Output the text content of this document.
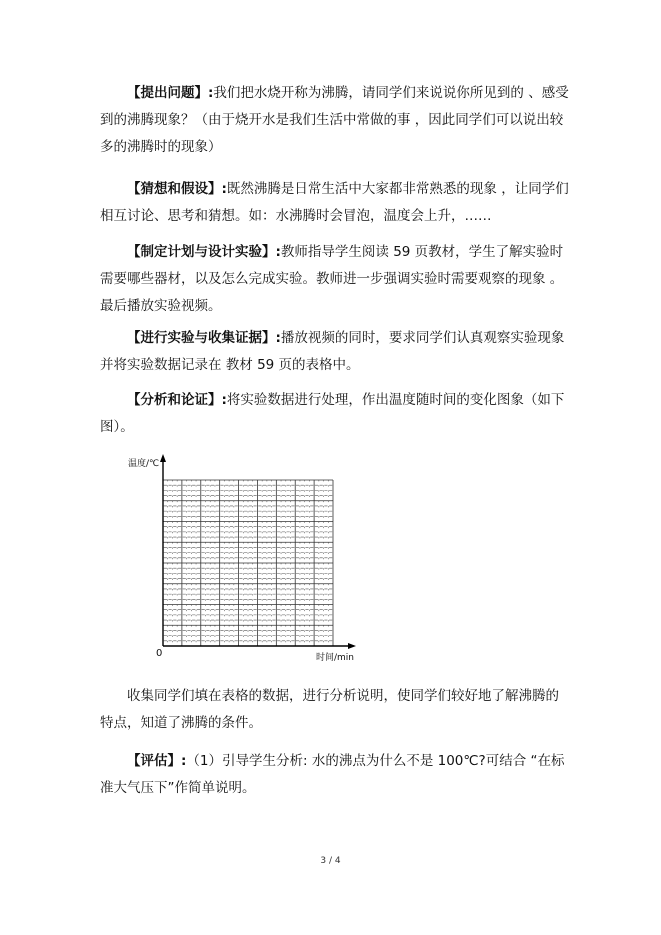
【提出问题】:我们把水烧开称为沸腾，请同学们来说说你所见到的 、感受到的沸腾现象？（由于烧开水是我们生活中常做的事 ，因此同学们可以说出较多的沸腾时的现象）

【猜想和假设】:既然沸腾是日常生活中大家都非常熟悉的现象 ，让同学们相互讨论、思考和猜想。如：水沸腾时会冒泡，温度会上升，……

【制定计划与设计实验】:教师指导学生阅读 59 页教材，学生了解实验时需要哪些器材，以及怎么完成实验。教师进一步强调实验时需要观察的现象 。最后播放实验视频。

【进行实验与收集证据】:播放视频的同时，要求同学们认真观察实验现象并将实验数据记录在 教材 59 页的表格中。

【分析和论证】:将实验数据进行处理，作出温度随时间的变化图象（如下图）。

温度/℃
时间/min
0

收集同学们填在表格的数据，进行分析说明，使同学们较好地了解沸腾的特点，知道了沸腾的条件。

【评估】:（1）引导学生分析: 水的沸点为什么不是 100℃?可结合 “在标准大气压下”作简单说明。

3 / 4
